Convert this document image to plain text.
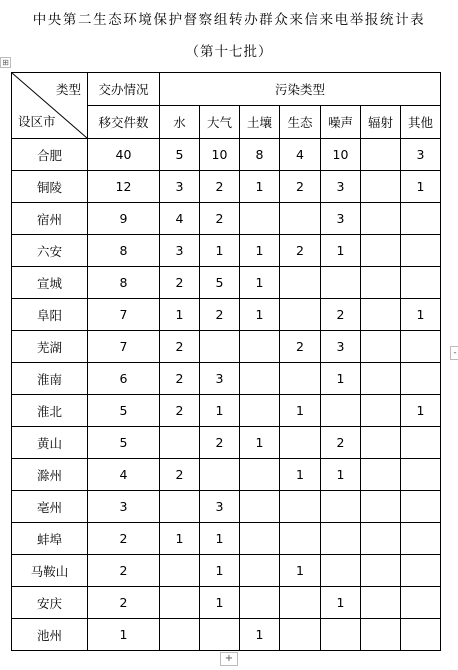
中央第二生态环境保护督察组转办群众来信来电举报统计表
（第十七批）
⊞
类型
设区市	交办情况	污染类型						
	移交件数	水	大气	土壤	生态	噪声	辐射	其他
合肥	40	5	10	8	4	10		3
铜陵	12	3	2	1	2	3		1
宿州	9	4	2			3		
六安	8	3	1	1	2	1		
宣城	8	2	5	1				
阜阳	7	1	2	1		2		1
芜湖	7	2			2	3		
淮南	6	2	3			1		
淮北	5	2	1		1			1
黄山	5		2	1		2		
滁州	4	2			1	1		
亳州	3		3					
蚌埠	2	1	1					
马鞍山	2		1		1			
安庆	2		1			1		
池州	1			1				
+
-
